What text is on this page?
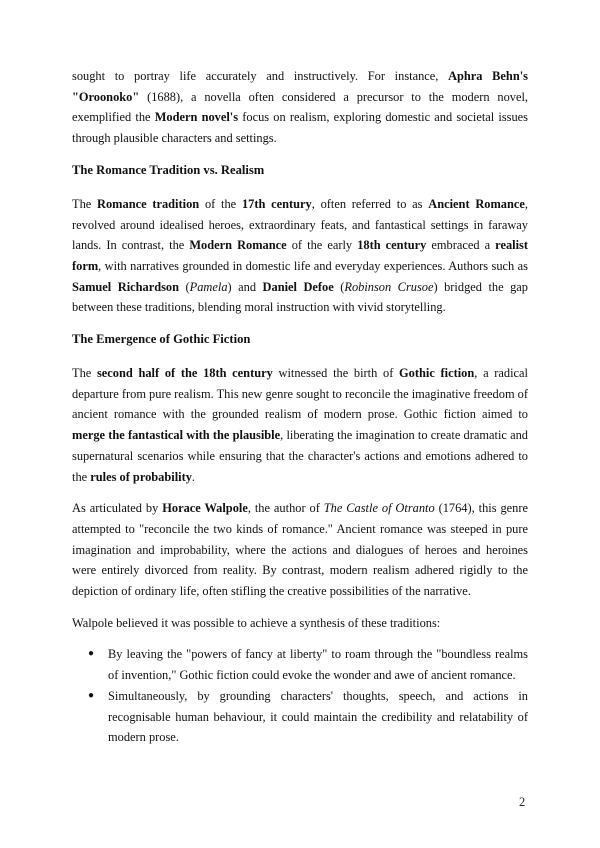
sought to portray life accurately and instructively. For instance, Aphra Behn's "Oroonoko" (1688), a novella often considered a precursor to the modern novel, exemplified the Modern novel's focus on realism, exploring domestic and societal issues through plausible characters and settings.

The Romance Tradition vs. Realism

The Romance tradition of the 17th century, often referred to as Ancient Romance, revolved around idealised heroes, extraordinary feats, and fantastical settings in faraway lands. In contrast, the Modern Romance of the early 18th century embraced a realist form, with narratives grounded in domestic life and everyday experiences. Authors such as Samuel Richardson (Pamela) and Daniel Defoe (Robinson Crusoe) bridged the gap between these traditions, blending moral instruction with vivid storytelling.

The Emergence of Gothic Fiction

The second half of the 18th century witnessed the birth of Gothic fiction, a radical departure from pure realism. This new genre sought to reconcile the imaginative freedom of ancient romance with the grounded realism of modern prose. Gothic fiction aimed to merge the fantastical with the plausible, liberating the imagination to create dramatic and supernatural scenarios while ensuring that the character's actions and emotions adhered to the rules of probability.

As articulated by Horace Walpole, the author of The Castle of Otranto (1764), this genre attempted to "reconcile the two kinds of romance." Ancient romance was steeped in pure imagination and improbability, where the actions and dialogues of heroes and heroines were entirely divorced from reality. By contrast, modern realism adhered rigidly to the depiction of ordinary life, often stifling the creative possibilities of the narrative.

Walpole believed it was possible to achieve a synthesis of these traditions:

● By leaving the "powers of fancy at liberty" to roam through the "boundless realms of invention," Gothic fiction could evoke the wonder and awe of ancient romance.
● Simultaneously, by grounding characters' thoughts, speech, and actions in recognisable human behaviour, it could maintain the credibility and relatability of modern prose.
2
